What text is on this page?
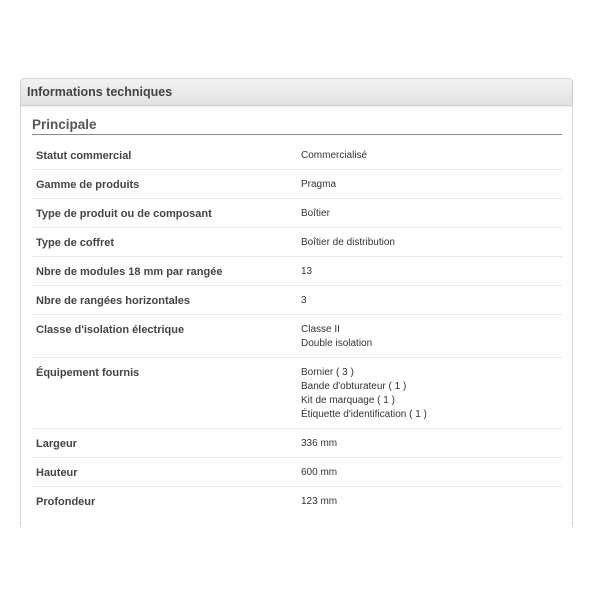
Informations techniques
Principale
Statut commercial	Commercialisé
Gamme de produits	Pragma
Type de produit ou de composant	Boîtier
Type de coffret	Boîtier de distribution
Nbre de modules 18 mm par rangée	13
Nbre de rangées horizontales	3
Classe d'isolation électrique	Classe II
Double isolation
Équipement fournis	Bornier ( 3 )
Bande d'obturateur ( 1 )
Kit de marquage ( 1 )
Étiquette d'identification ( 1 )
Largeur	336 mm
Hauteur	600 mm
Profondeur	123 mm
